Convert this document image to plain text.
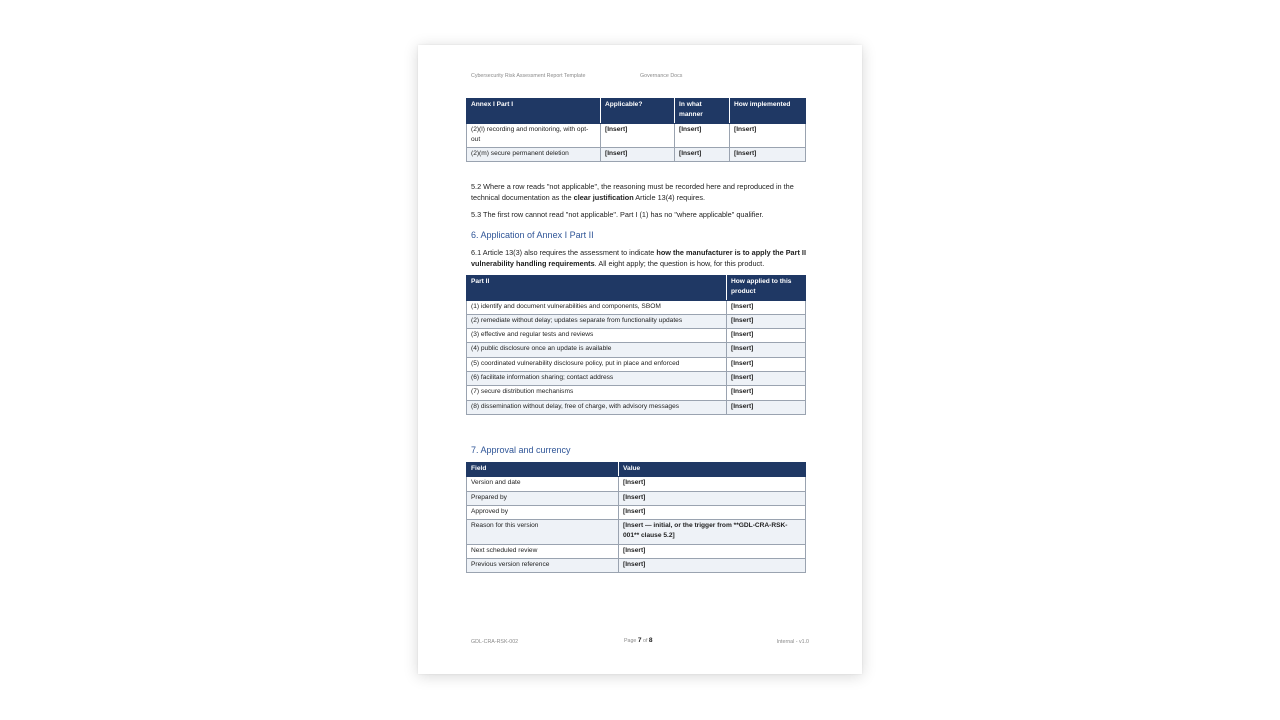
Cybersecurity Risk Assessment Report Template	Governance Docs
Annex I Part I	Applicable?	In what manner	How implemented
(2)(l) recording and monitoring, with opt-out	[Insert]	[Insert]	[Insert]
(2)(m) secure permanent deletion	[Insert]	[Insert]	[Insert]
5.2 Where a row reads "not applicable", the reasoning must be recorded here and reproduced in the technical documentation as the clear justification Article 13(4) requires.
5.3 The first row cannot read "not applicable". Part I (1) has no "where applicable" qualifier.
6. Application of Annex I Part II
6.1 Article 13(3) also requires the assessment to indicate how the manufacturer is to apply the Part II vulnerability handling requirements. All eight apply; the question is how, for this product.
Part II	How applied to this product
(1) identify and document vulnerabilities and components, SBOM	[Insert]
(2) remediate without delay; updates separate from functionality updates	[Insert]
(3) effective and regular tests and reviews	[Insert]
(4) public disclosure once an update is available	[Insert]
(5) coordinated vulnerability disclosure policy, put in place and enforced	[Insert]
(6) facilitate information sharing; contact address	[Insert]
(7) secure distribution mechanisms	[Insert]
(8) dissemination without delay, free of charge, with advisory messages	[Insert]
7. Approval and currency
Field	Value
Version and date	[Insert]
Prepared by	[Insert]
Approved by	[Insert]
Reason for this version	[Insert — initial, or the trigger from **GDL-CRA-RSK-001** clause 5.2]
Next scheduled review	[Insert]
Previous version reference	[Insert]
GDL-CRA-RSK-002	Page 7 of 8	Internal - v1.0
